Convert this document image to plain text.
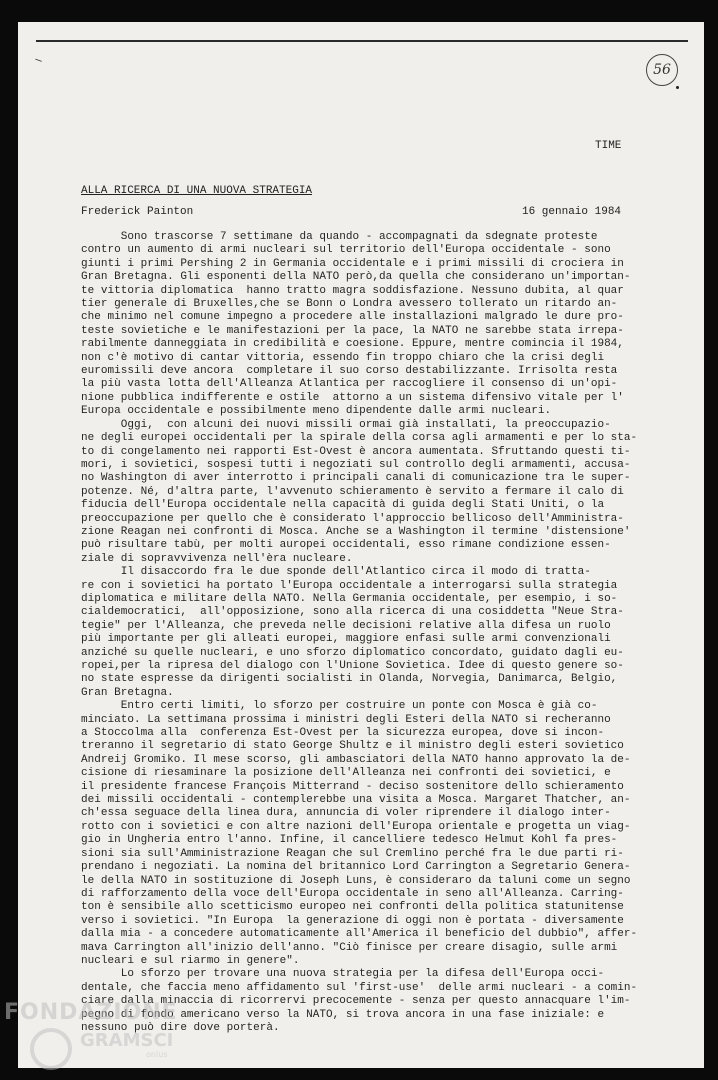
—
56
TIME
ALLA RICERCA DI UNA NUOVA STRATEGIA
Frederick Painton	16 gennaio 1984
Sono trascorse 7 settimane da quando - accompagnati da sdegnate proteste
contro un aumento di armi nucleari sul territorio dell'Europa occidentale - sono
giunti i primi Pershing 2 in Germania occidentale e i primi missili di crociera in
Gran Bretagna. Gli esponenti della NATO però,da quella che considerano un'importan-
te vittoria diplomatica  hanno tratto magra soddisfazione. Nessuno dubita, al quar
tier generale di Bruxelles,che se Bonn o Londra avessero tollerato un ritardo an-
che minimo nel comune impegno a procedere alle installazioni malgrado le dure pro-
teste sovietiche e le manifestazioni per la pace, la NATO ne sarebbe stata irrepa-
rabilmente danneggiata in credibilità e coesione. Eppure, mentre comincia il 1984,
non c'è motivo di cantar vittoria, essendo fin troppo chiaro che la crisi degli
euromissili deve ancora  completare il suo corso destabilizzante. Irrisolta resta
la più vasta lotta dell'Alleanza Atlantica per raccogliere il consenso di un'opi-
nione pubblica indifferente e ostile  attorno a un sistema difensivo vitale per l'
Europa occidentale e possibilmente meno dipendente dalle armi nucleari.
Oggi,  con alcuni dei nuovi missili ormai già installati, la preoccupazio-
ne degli europei occidentali per la spirale della corsa agli armamenti e per lo sta-
to di congelamento nei rapporti Est-Ovest è ancora aumentata. Sfruttando questi ti-
mori, i sovietici, sospesi tutti i negoziati sul controllo degli armamenti, accusa-
no Washington di aver interrotto i principali canali di comunicazione tra le super-
potenze. Né, d'altra parte, l'avvenuto schieramento è servito a fermare il calo di
fiducia dell'Europa occidentale nella capacità di guida degli Stati Uniti, o la
preoccupazione per quello che è considerato l'approccio bellicoso dell'Amministra-
zione Reagan nei confronti di Mosca. Anche se a Washington il termine 'distensione'
può risultare tabù, per molti auropei occidentali, esso rimane condizione essen-
ziale di sopravvivenza nell'èra nucleare.
Il disaccordo fra le due sponde dell'Atlantico circa il modo di tratta-
re con i sovietici ha portato l'Europa occidentale a interrogarsi sulla strategia
diplomatica e militare della NATO. Nella Germania occidentale, per esempio, i so-
cialdemocratici,  all'opposizione, sono alla ricerca di una cosiddetta "Neue Stra-
tegie" per l'Alleanza, che preveda nelle decisioni relative alla difesa un ruolo
più importante per gli alleati europei, maggiore enfasi sulle armi convenzionali
anziché su quelle nucleari, e uno sforzo diplomatico concordato, guidato dagli eu-
ropei,per la ripresa del dialogo con l'Unione Sovietica. Idee di questo genere so-
no state espresse da dirigenti socialisti in Olanda, Norvegia, Danimarca, Belgio,
Gran Bretagna.
Entro certi limiti, lo sforzo per costruire un ponte con Mosca è già co-
minciato. La settimana prossima i ministri degli Esteri della NATO si recheranno
a Stoccolma alla  conferenza Est-Ovest per la sicurezza europea, dove si incon-
treranno il segretario di stato George Shultz e il ministro degli esteri sovietico
Andreij Gromiko. Il mese scorso, gli ambasciatori della NATO hanno approvato la de-
cisione di riesaminare la posizione dell'Alleanza nei confronti dei sovietici, e
il presidente francese François Mitterrand - deciso sostenitore dello schieramento
dei missili occidentali - contemplerebbe una visita a Mosca. Margaret Thatcher, an-
ch'essa seguace della linea dura, annuncia di voler riprendere il dialogo inter-
rotto con i sovietici e con altre nazioni dell'Europa orientale e progetta un viag-
gio in Ungheria entro l'anno. Infine, il cancelliere tedesco Helmut Kohl fa pres-
sioni sia sull'Amministrazione Reagan che sul Cremlino perché fra le due parti ri-
prendano i negoziati. La nomina del britannico Lord Carrington a Segretario Genera-
le della NATO in sostituzione di Joseph Luns, è consideraro da taluni come un segno
di rafforzamento della voce dell'Europa occidentale in seno all'Alleanza. Carring-
ton è sensibile allo scetticismo europeo nei confronti della politica statunitense
verso i sovietici. "In Europa  la generazione di oggi non è portata - diversamente
dalla mia - a concedere automaticamente all'America il beneficio del dubbio", affer-
mava Carrington all'inizio dell'anno. "Ciò finisce per creare disagio, sulle armi
nucleari e sul riarmo in genere".
Lo sforzo per trovare una nuova strategia per la difesa dell'Europa occi-
dentale, che faccia meno affidamento sul 'first-use'  delle armi nucleari - a comin-
ciare dalla minaccia di ricorrervi precocemente - senza per questo annacquare l'im-
pegno di fondo americano verso la NATO, si trova ancora in una fase iniziale: e
nessuno può dire dove porterà.
FONDAZIONE
GRAMSCI
onlus
